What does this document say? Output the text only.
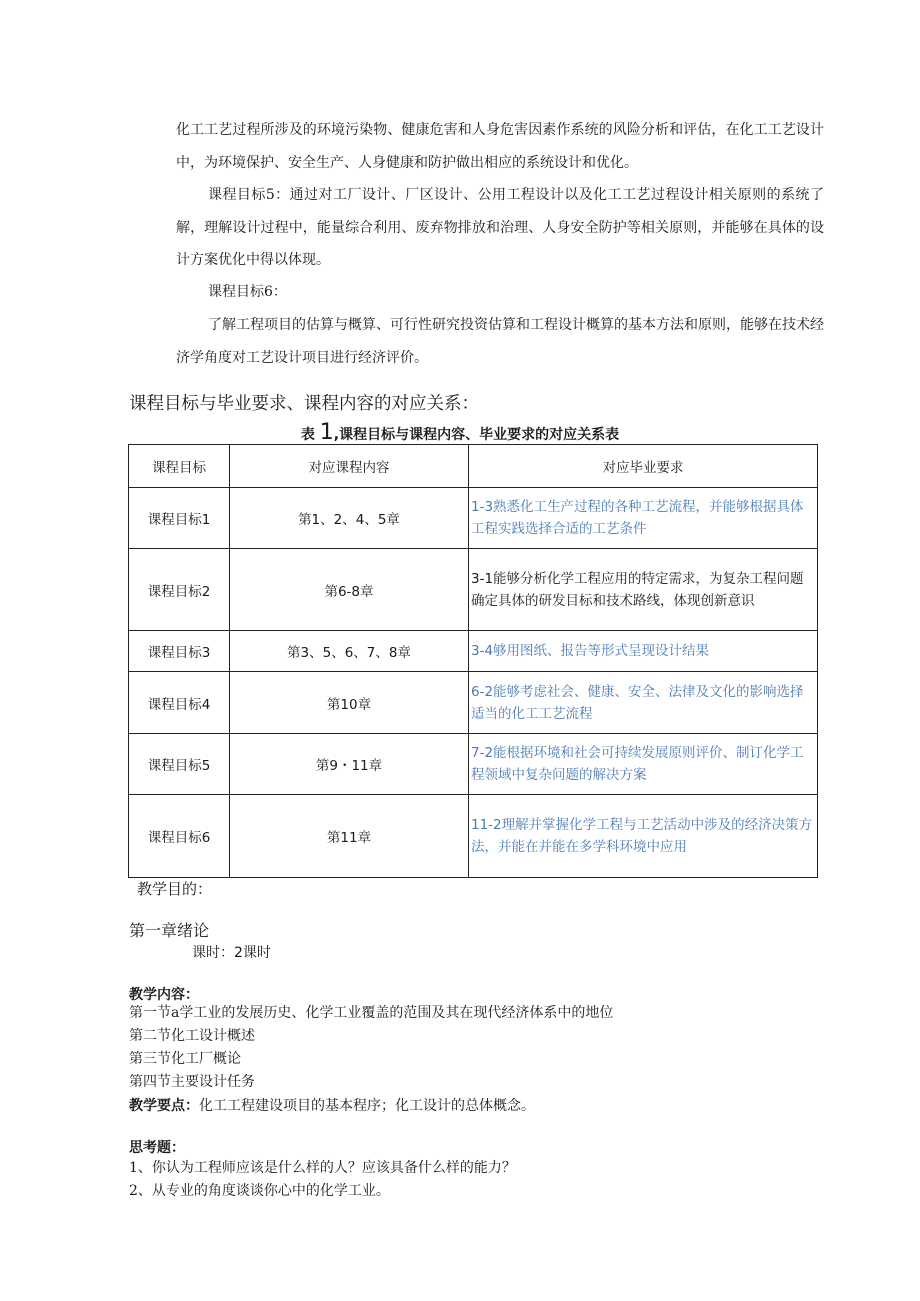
化工工艺过程所涉及的环境污染物、健康危害和人身危害因素作系统的风险分析和评估，在化工工艺设计中，为环境保护、安全生产、人身健康和防护做出相应的系统设计和优化。
课程目标5：通过对工厂设计、厂区设计、公用工程设计以及化工工艺过程设计相关原则的系统了解，理解设计过程中，能量综合利用、废弃物排放和治理、人身安全防护等相关原则，并能够在具体的设计方案优化中得以体现。
课程目标6：
了解工程项目的估算与概算、可行性研究投资估算和工程设计概算的基本方法和原则，能够在技术经济学角度对工艺设计项目进行经济评价。
课程目标与毕业要求、课程内容的对应关系：
表 1,课程目标与课程内容、毕业要求的对应关系表
课程目标	对应课程内容	对应毕业要求
课程目标1	第1、2、4、5章	1-3熟悉化工生产过程的各种工艺流程，并能够根据具体工程实践选择合适的工艺条件
课程目标2	第6-8章	3-1能够分析化学工程应用的特定需求，为复杂工程问题确定具体的研发目标和技术路线，体现创新意识
课程目标3	第3、5、6、7、8章	3-4够用图纸、报告等形式呈现设计结果
课程目标4	第10章	6-2能够考虑社会、健康、安全、法律及文化的影响选择适当的化工工艺流程
课程目标5	第9・11章	7-2能根据环境和社会可持续发展原则评价、制订化学工程领域中复杂问题的解决方案
课程目标6	第11章	11-2理解并掌握化学工程与工艺活动中涉及的经济决策方法，并能在并能在多学科环境中应用
教学目的：
第一章绪论
课时：2课时
教学内容：
第一节a学工业的发展历史、化学工业覆盖的范围及其在现代经济体系中的地位
第二节化工设计概述
第三节化工厂概论
第四节主要设计任务
教学要点：化工工程建设项目的基本程序；化工设计的总体概念。
思考题：
1、你认为工程师应该是什么样的人？应该具备什么样的能力？
2、从专业的角度谈谈你心中的化学工业。
